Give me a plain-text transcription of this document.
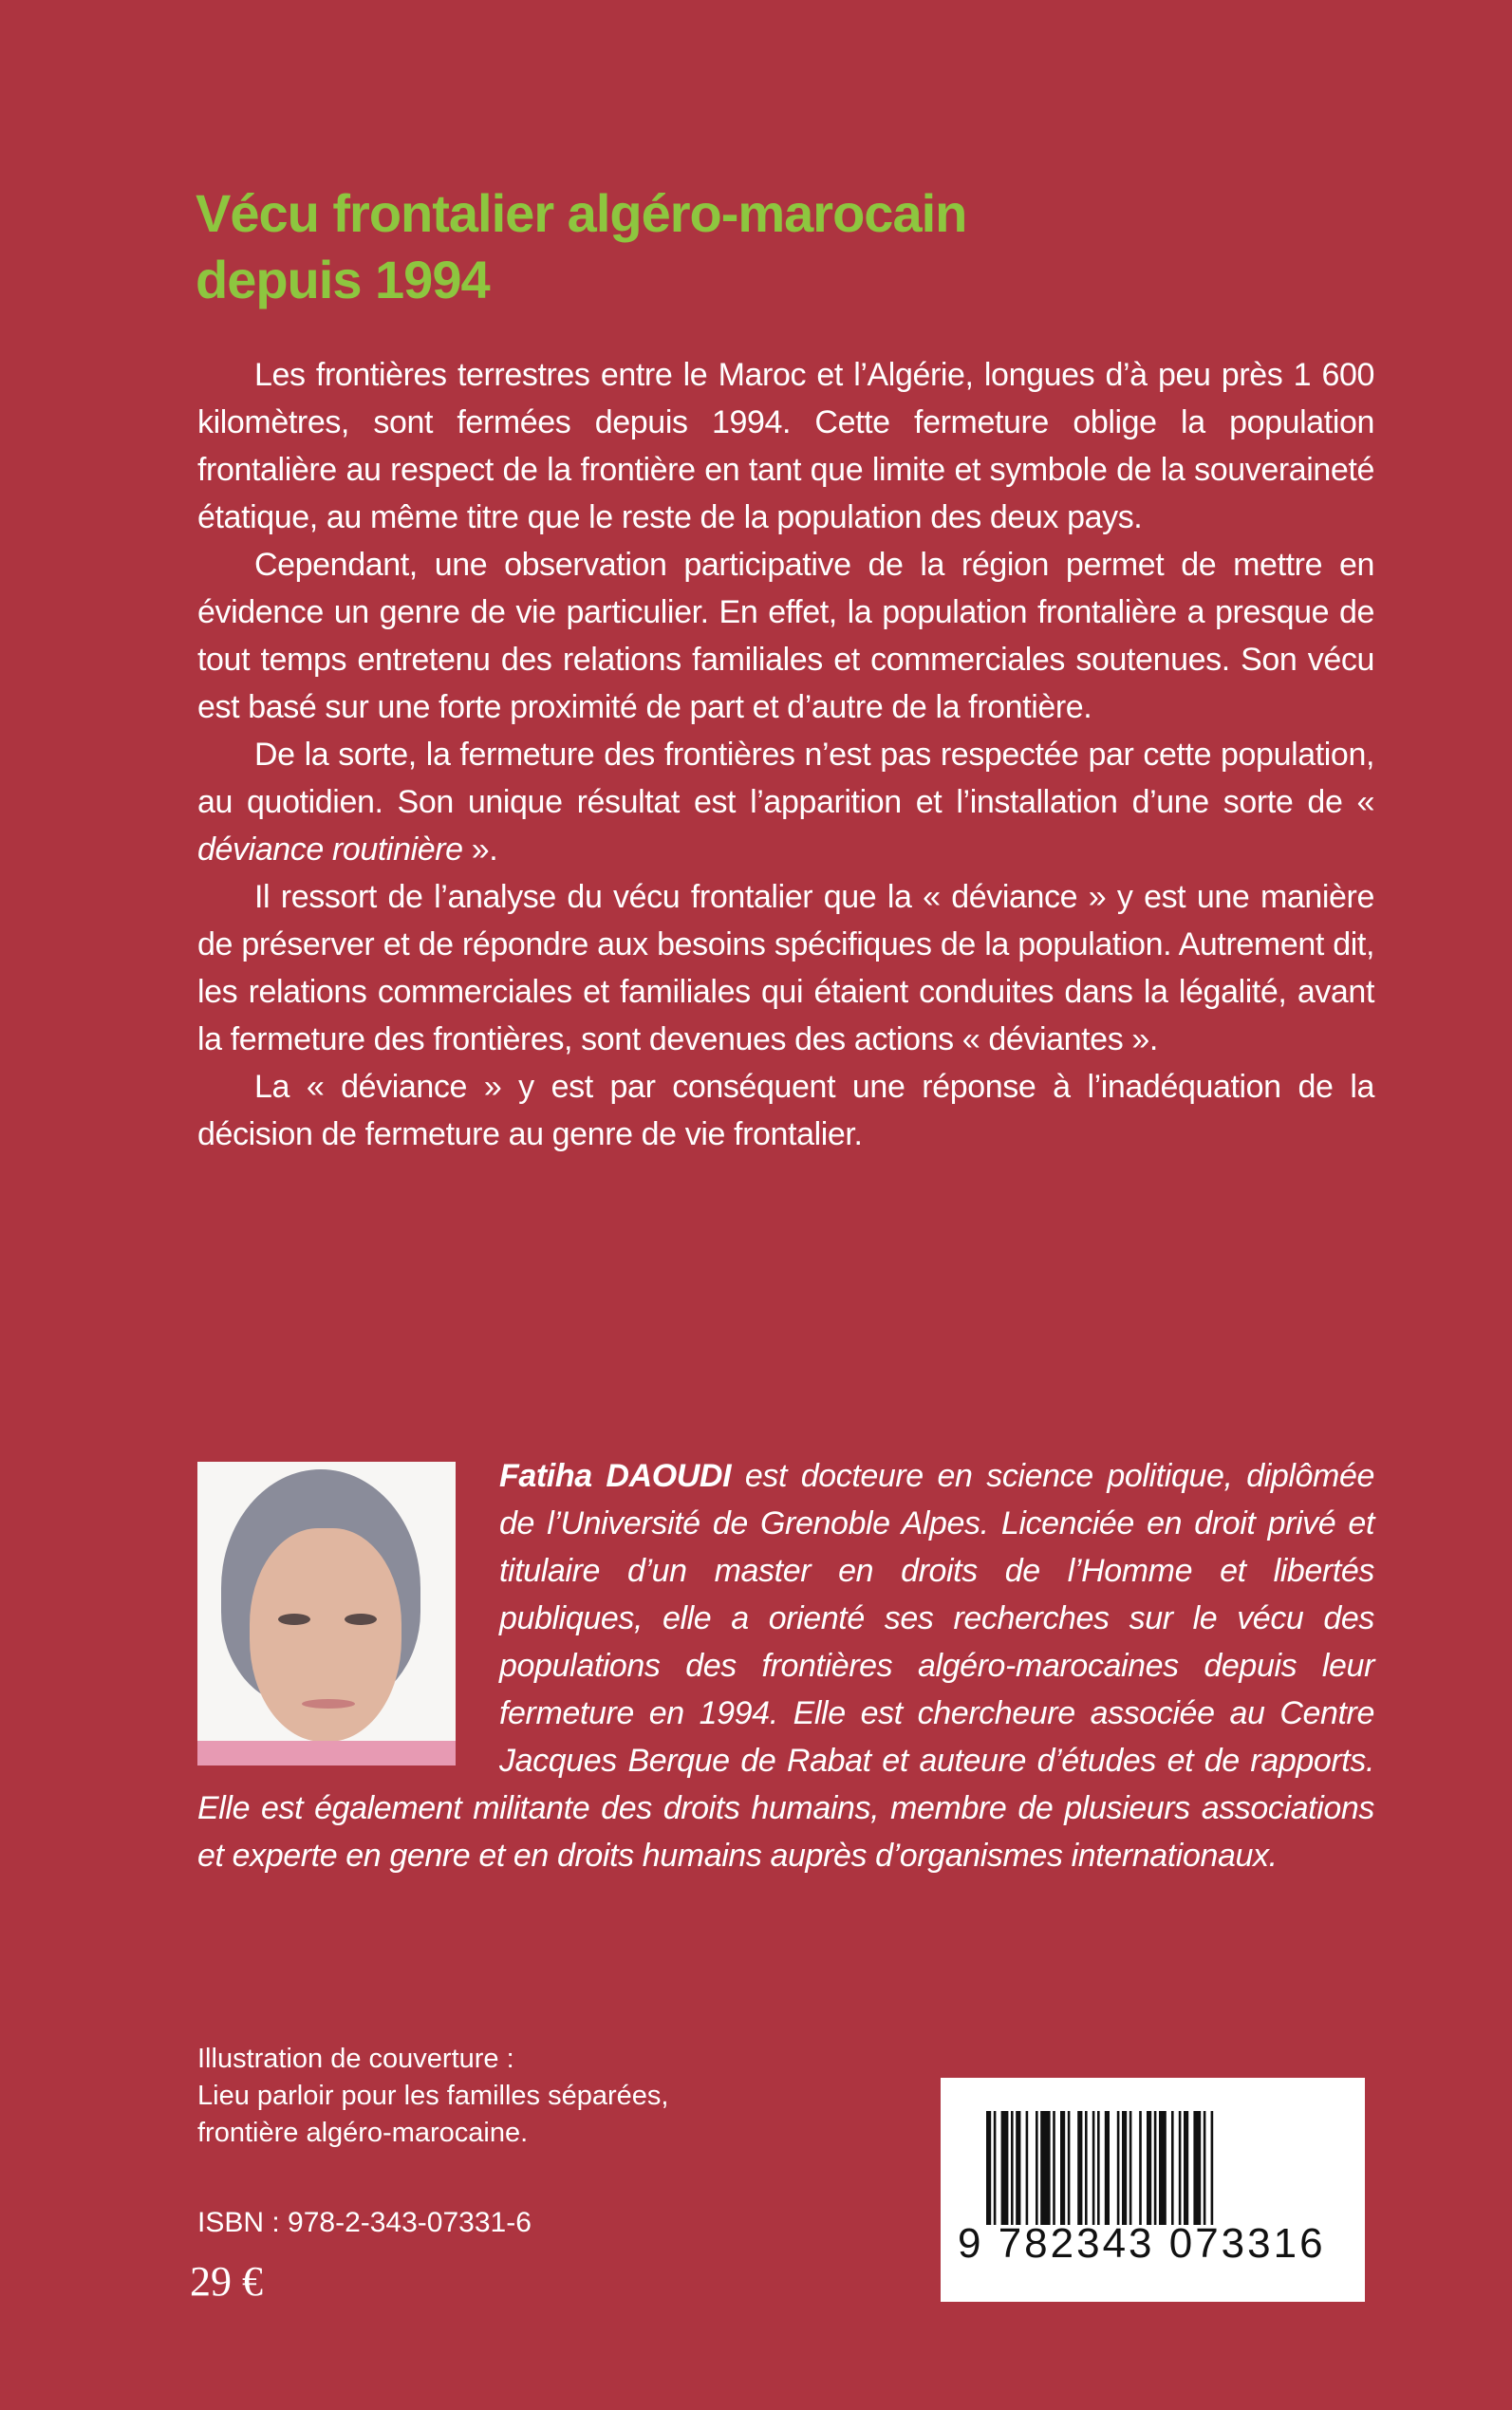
Vécu frontalier algéro-marocain
depuis 1994

Les frontières terrestres entre le Maroc et l’Algérie, longues d’à peu près 1 600 kilomètres, sont fermées depuis 1994. Cette fermeture oblige la population frontalière au respect de la frontière en tant que limite et symbole de la souveraineté étatique, au même titre que le reste de la population des deux pays.

Cependant, une observation participative de la région permet de mettre en évidence un genre de vie particulier. En effet, la population frontalière a presque de tout temps entretenu des relations familiales et commerciales soutenues. Son vécu est basé sur une forte proximité de part et d’autre de la frontière.

De la sorte, la fermeture des frontières n’est pas respectée par cette population, au quotidien. Son unique résultat est l’apparition et l’installation d’une sorte de « déviance routinière ».

Il ressort de l’analyse du vécu frontalier que la « déviance » y est une manière de préserver et de répondre aux besoins spécifiques de la population. Autrement dit, les relations commerciales et familiales qui étaient conduites dans la légalité, avant la fermeture des frontières, sont devenues des actions « déviantes ».

La « déviance » y est par conséquent une réponse à l’inadéquation de la décision de fermeture au genre de vie frontalier.

Fatiha DAOUDI est docteure en science politique, diplômée de l’Université de Grenoble Alpes. Licenciée en droit privé et titulaire d’un master en droits de l’Homme et libertés publiques, elle a orienté ses recherches sur le vécu des populations des frontières algéro-marocaines depuis leur fermeture en 1994. Elle est chercheure associée au Centre Jacques Berque de Rabat et auteure d’études et de rapports. Elle est également militante des droits humains, membre de plusieurs associations et experte en genre et en droits humains auprès d’organismes internationaux.
Illustration de couverture :
Lieu parloir pour les familles séparées,
frontière algéro-marocaine.
ISBN : 978-2-343-07331-6
29 €
9 782343 073316
